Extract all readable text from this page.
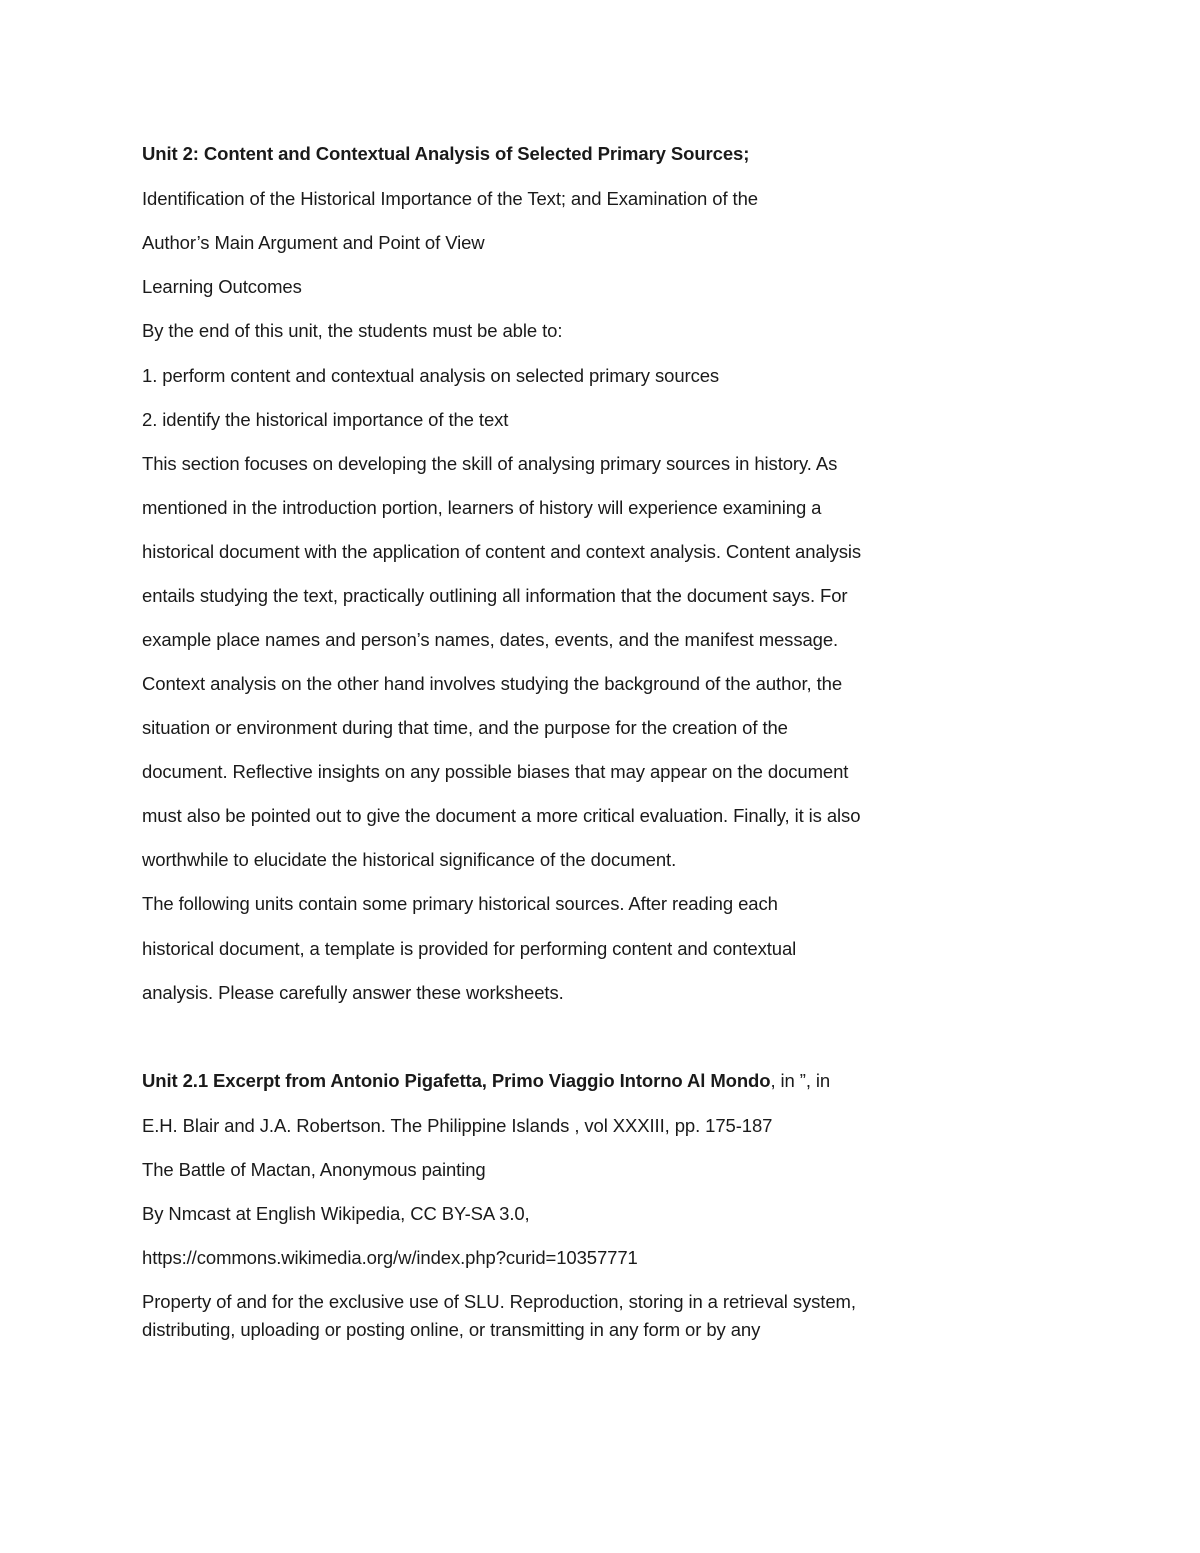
Unit 2: Content and Contextual Analysis of Selected Primary Sources;
Identification of the Historical Importance of the Text; and Examination of the
Author’s Main Argument and Point of View
Learning Outcomes
By the end of this unit, the students must be able to:
1. perform content and contextual analysis on selected primary sources
2. identify the historical importance of the text
This section focuses on developing the skill of analysing primary sources in history. As
mentioned in the introduction portion, learners of history will experience examining a
historical document with the application of content and context analysis. Content analysis
entails studying the text, practically outlining all information that the document says. For
example place names and person’s names, dates, events, and the manifest message.
Context analysis on the other hand involves studying the background of the author, the
situation or environment during that time, and the purpose for the creation of the
document. Reflective insights on any possible biases that may appear on the document
must also be pointed out to give the document a more critical evaluation. Finally, it is also
worthwhile to elucidate the historical significance of the document.
The following units contain some primary historical sources. After reading each
historical document, a template is provided for performing content and contextual
analysis. Please carefully answer these worksheets.
Unit 2.1 Excerpt from Antonio Pigafetta, Primo Viaggio Intorno Al Mondo, in ”, in
E.H. Blair and J.A. Robertson. The Philippine Islands , vol XXXIII, pp. 175-187
The Battle of Mactan, Anonymous painting
By Nmcast at English Wikipedia, CC BY-SA 3.0,
https://commons.wikimedia.org/w/index.php?curid=10357771
Property of and for the exclusive use of SLU. Reproduction, storing in a retrieval system,
distributing, uploading or posting online, or transmitting in any form or by any
